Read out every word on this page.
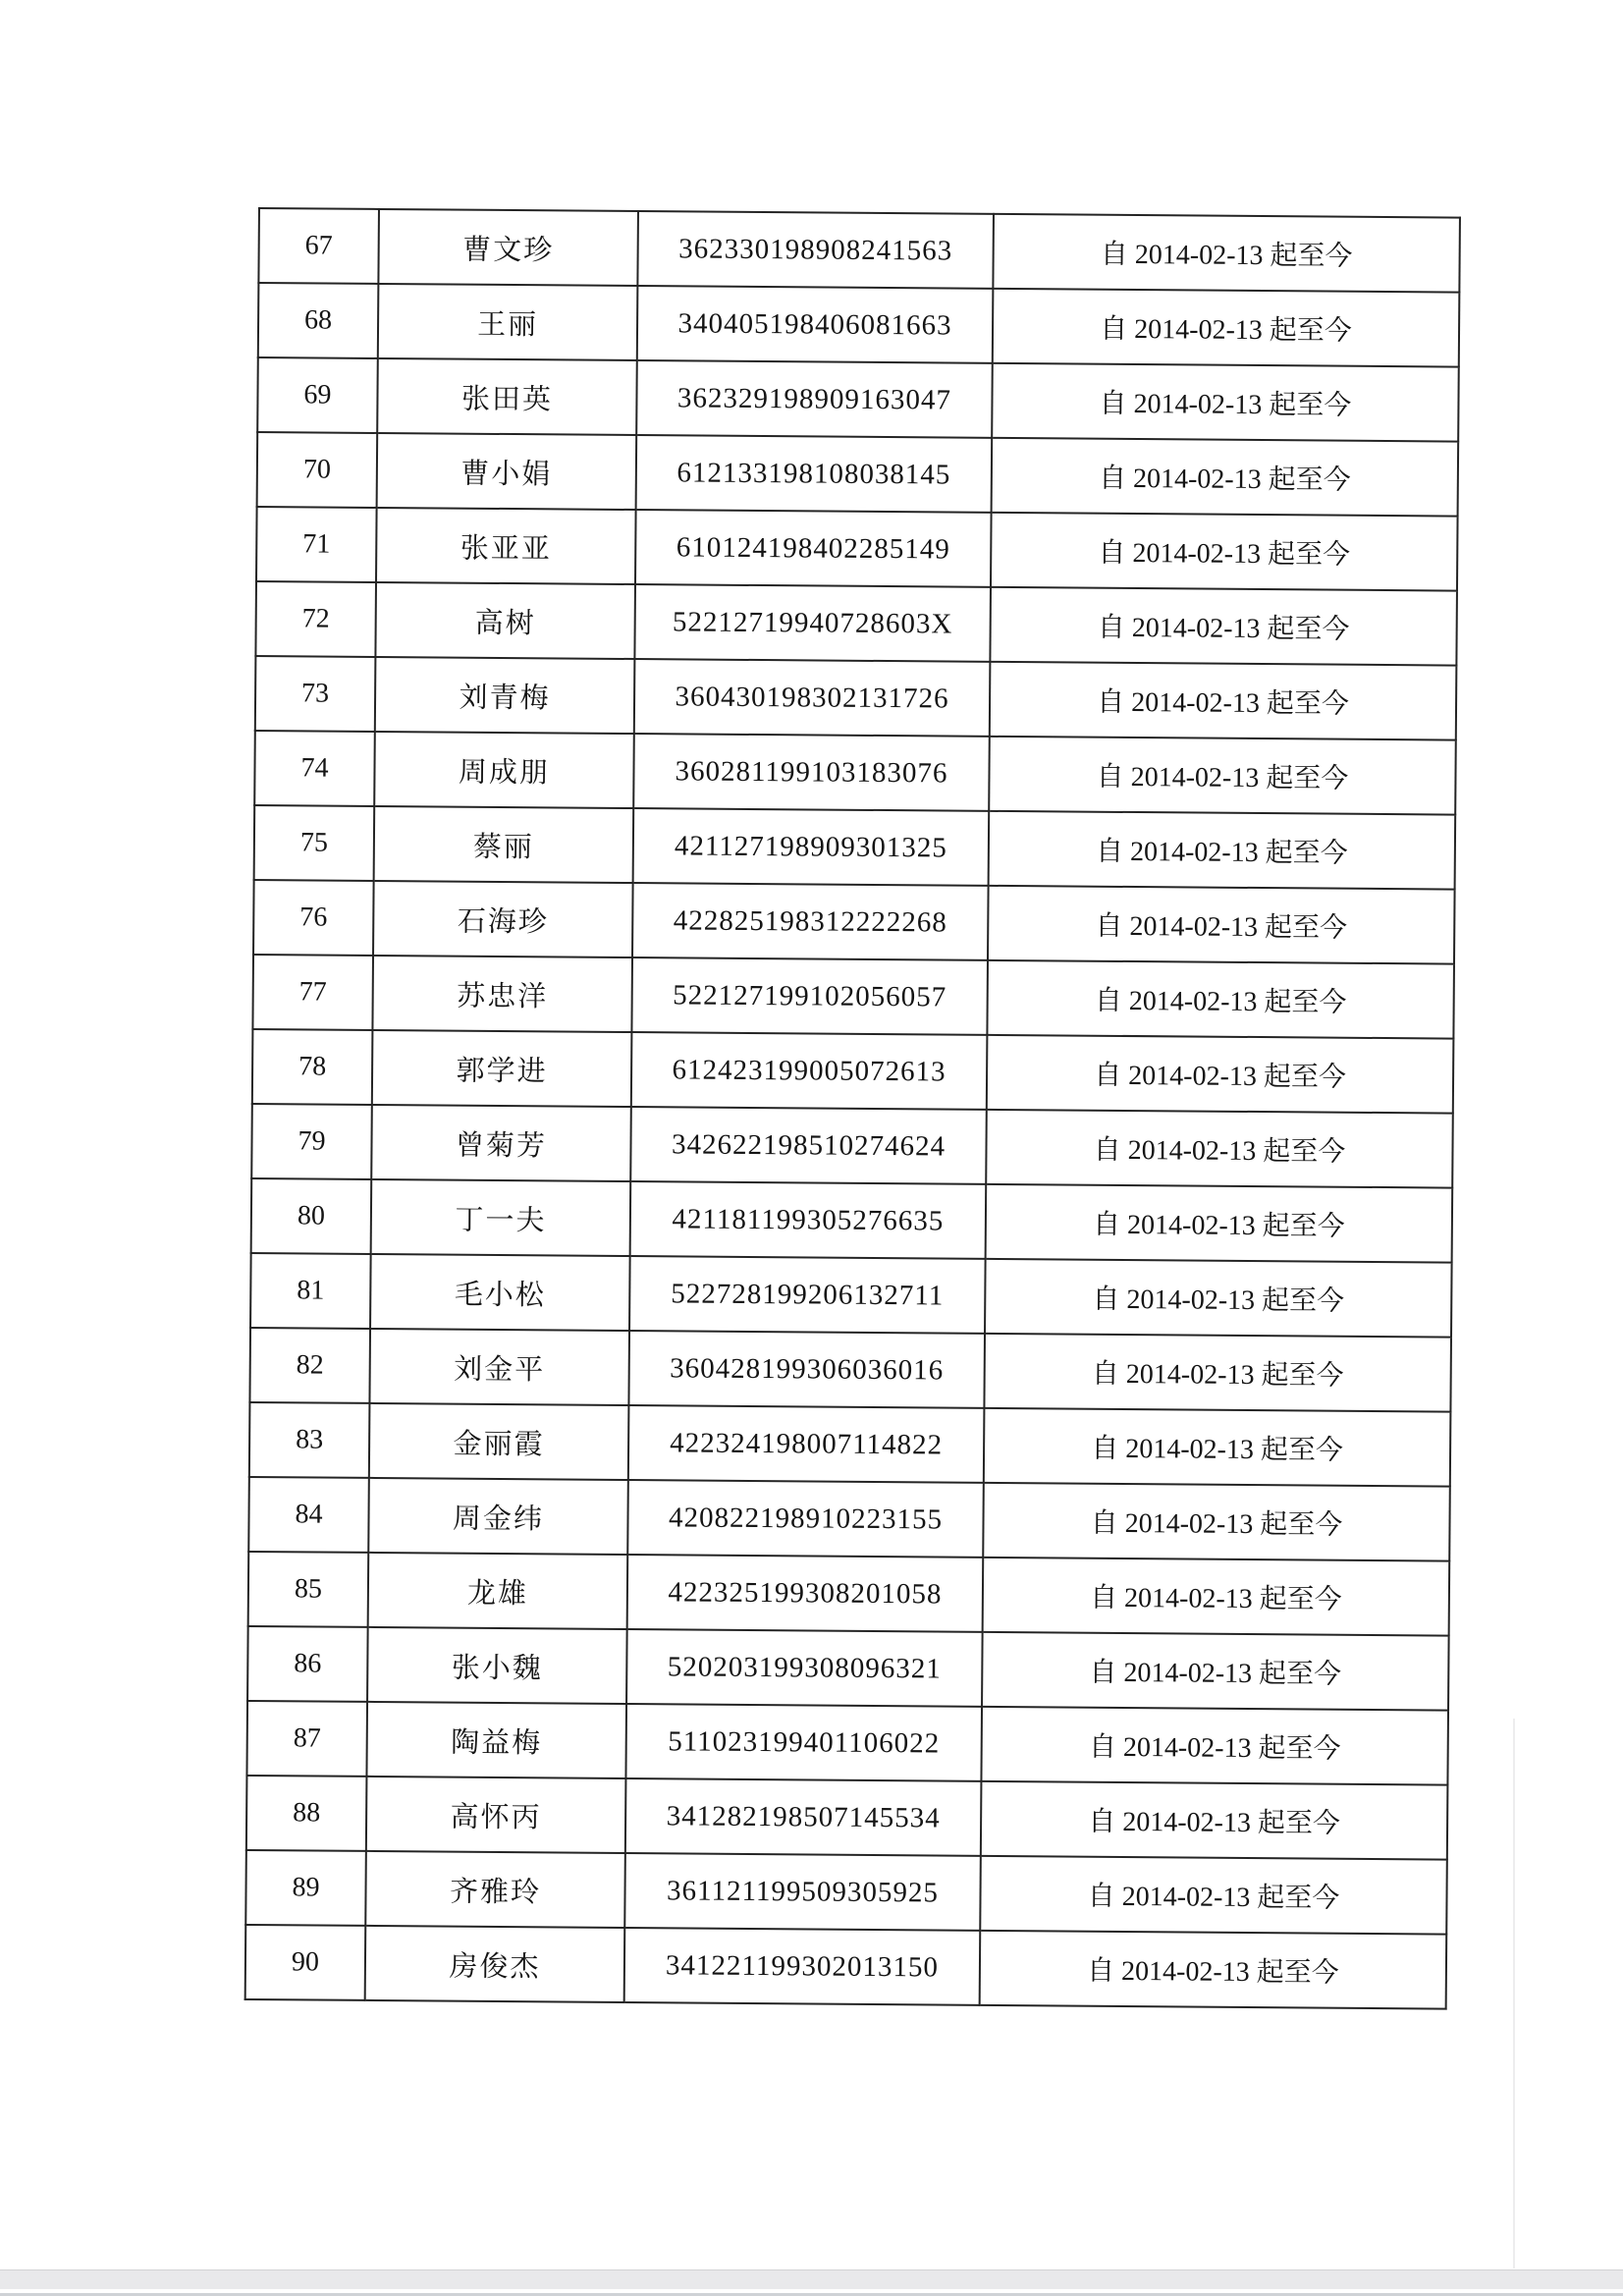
67	曹文珍	362330198908241563	自 2014-02-13 起至今
68	王丽	340405198406081663	自 2014-02-13 起至今
69	张田英	362329198909163047	自 2014-02-13 起至今
70	曹小娟	612133198108038145	自 2014-02-13 起至今
71	张亚亚	610124198402285149	自 2014-02-13 起至今
72	高树	52212719940728603X	自 2014-02-13 起至今
73	刘青梅	360430198302131726	自 2014-02-13 起至今
74	周成朋	360281199103183076	自 2014-02-13 起至今
75	蔡丽	421127198909301325	自 2014-02-13 起至今
76	石海珍	422825198312222268	自 2014-02-13 起至今
77	苏忠洋	522127199102056057	自 2014-02-13 起至今
78	郭学进	612423199005072613	自 2014-02-13 起至今
79	曾菊芳	342622198510274624	自 2014-02-13 起至今
80	丁一夫	421181199305276635	自 2014-02-13 起至今
81	毛小松	522728199206132711	自 2014-02-13 起至今
82	刘金平	360428199306036016	自 2014-02-13 起至今
83	金丽霞	422324198007114822	自 2014-02-13 起至今
84	周金纬	420822198910223155	自 2014-02-13 起至今
85	龙雄	422325199308201058	自 2014-02-13 起至今
86	张小魏	520203199308096321	自 2014-02-13 起至今
87	陶益梅	511023199401106022	自 2014-02-13 起至今
88	高怀丙	341282198507145534	自 2014-02-13 起至今
89	齐雅玲	361121199509305925	自 2014-02-13 起至今
90	房俊杰	341221199302013150	自 2014-02-13 起至今
